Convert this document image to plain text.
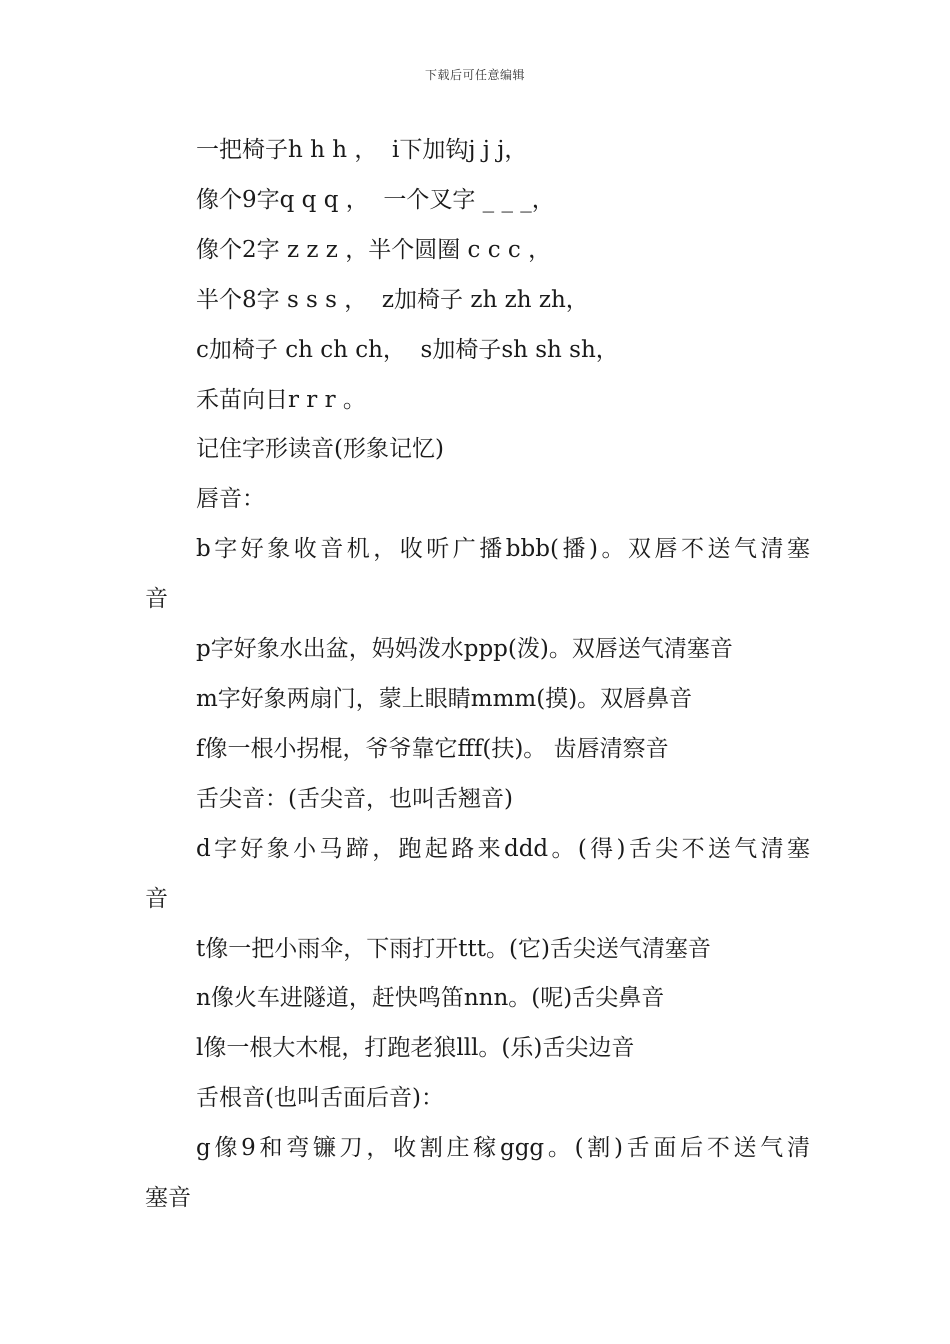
下载后可任意编辑

一把椅子h h h ，  i下加钩j j j，

像个9字q q q ，  一个叉字 _ _ _，

像个2字 z z z ，半个圆圈 c c c ，

半个8字 s s s ，  z加椅子 zh zh zh，

c加椅子 ch ch ch，  s加椅子sh sh sh，

禾苗向日r r r 。

记住字形读音(形象记忆)

唇音：

b字好象收音机，收听广播bbb(播)。双唇不送气清塞

音

p字好象水出盆，妈妈泼水ppp(泼)。双唇送气清塞音

m字好象两扇门，蒙上眼睛mmm(摸)。双唇鼻音

f像一根小拐棍，爷爷靠它fff(扶)。 齿唇清察音

舌尖音：(舌尖音，也叫舌翘音)

d字好象小马蹄，跑起路来ddd。(得)舌尖不送气清塞

音

t像一把小雨伞，下雨打开ttt。(它)舌尖送气清塞音

n像火车进隧道，赶快鸣笛nnn。(呢)舌尖鼻音

l像一根大木棍，打跑老狼lll。(乐)舌尖边音

舌根音(也叫舌面后音)：

g像9和弯镰刀，收割庄稼ggg。(割)舌面后不送气清

塞音
